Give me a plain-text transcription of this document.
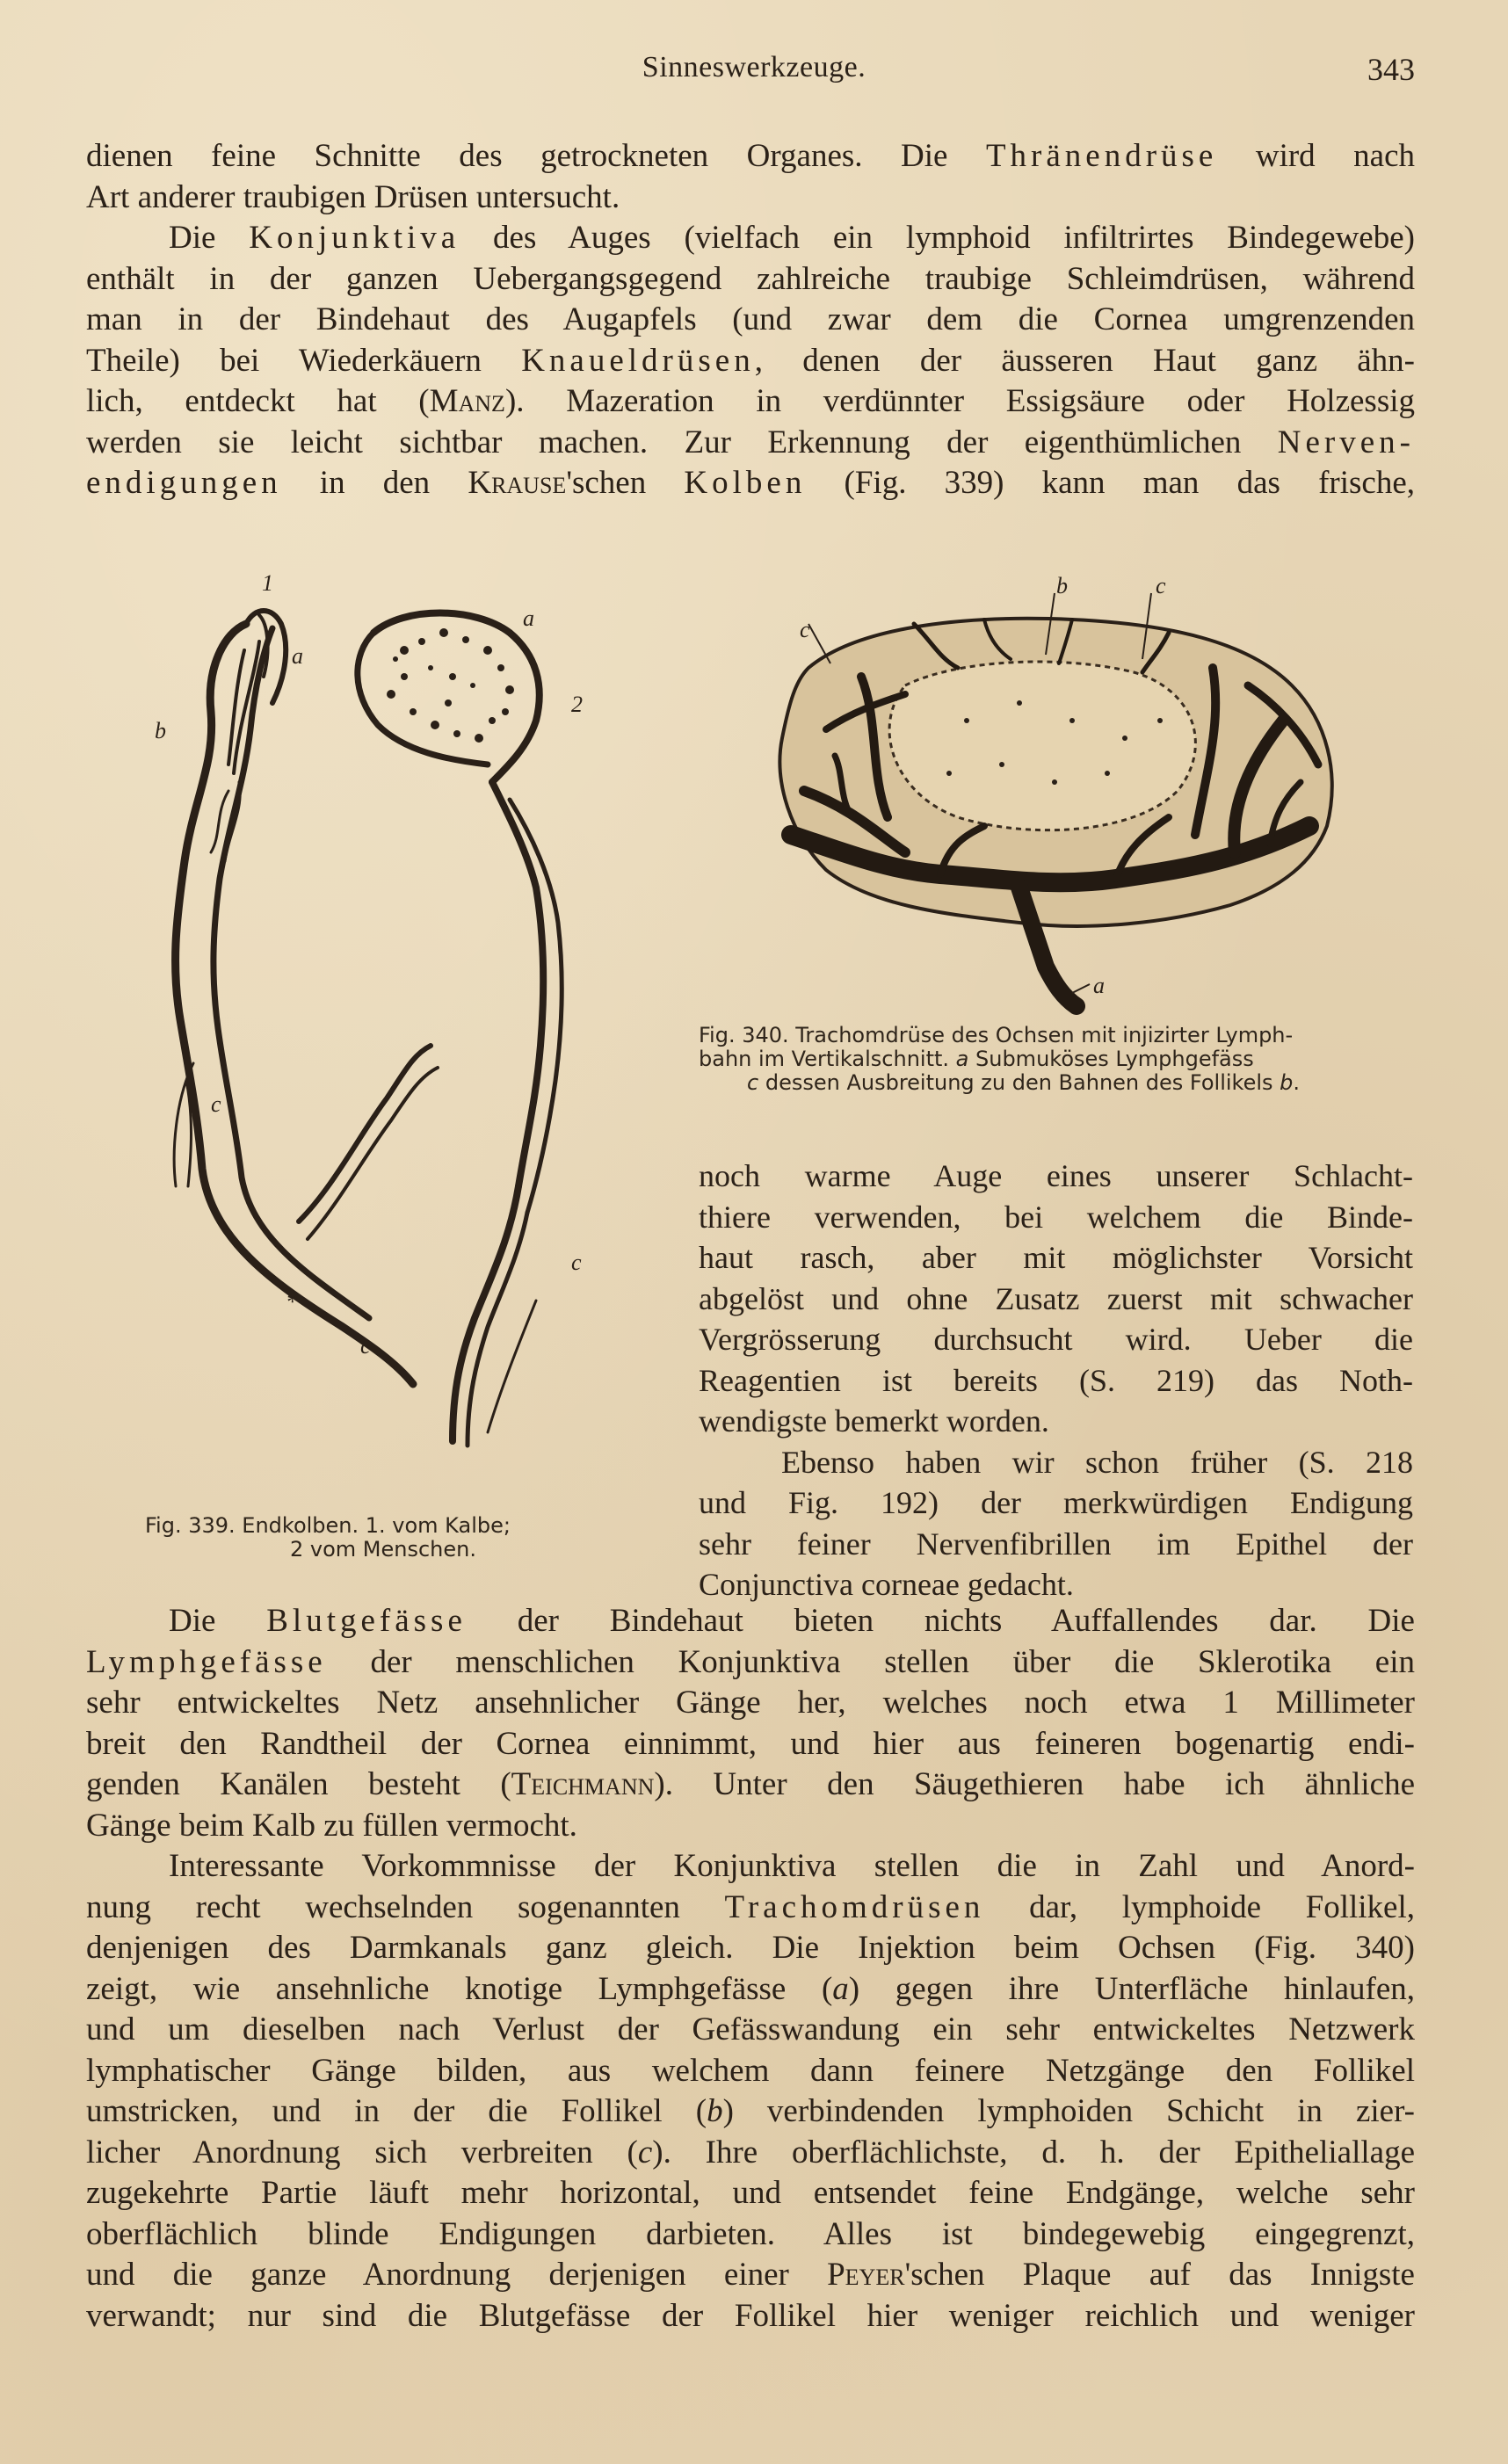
Sinneswerkzeuge.	343

dienen feine Schnitte des getrockneten Organes. Die Thränendrüse wird nach
Art anderer traubigen Drüsen untersucht.

Die Konjunktiva des Auges (vielfach ein lymphoid infiltrirtes Bindegewebe)
enthält in der ganzen Uebergangsgegend zahlreiche traubige Schleimdrüsen, während
man in der Bindehaut des Augapfels (und zwar dem die Cornea umgrenzenden
Theile) bei Wiederkäuern Knaueldrüsen, denen der äusseren Haut ganz ähn-
lich, entdeckt hat (Manz). Mazeration in verdünnter Essigsäure oder Holzessig
werden sie leicht sichtbar machen. Zur Erkennung der eigenthümlichen Nerven-
endigungen in den Krause'schen Kolben (Fig. 339) kann man das frische,

1
a
b
a
2
c
c
c
*

Fig. 339. Endkolben. 1. vom Kalbe;
2 vom Menschen.

b	c
c
a

Fig. 340. Trachomdrüse des Ochsen mit injizirter Lymph-
bahn im Vertikalschnitt. a Submuköses Lymphgefäss
c dessen Ausbreitung zu den Bahnen des Follikels b.

noch warme Auge eines unserer Schlacht-
thiere verwenden, bei welchem die Binde-
haut rasch, aber mit möglichster Vorsicht
abgelöst und ohne Zusatz zuerst mit schwacher
Vergrösserung durchsucht wird. Ueber die
Reagentien ist bereits (S. 219) das Noth-
wendigste bemerkt worden.
Ebenso haben wir schon früher (S. 218
und Fig. 192) der merkwürdigen Endigung
sehr feiner Nervenfibrillen im Epithel der
Conjunctiva corneae gedacht.

Die Blutgefässe der Bindehaut bieten nichts Auffallendes dar. Die
Lymphgefässe der menschlichen Konjunktiva stellen über die Sklerotika ein
sehr entwickeltes Netz ansehnlicher Gänge her, welches noch etwa 1 Millimeter
breit den Randtheil der Cornea einnimmt, und hier aus feineren bogenartig endi-
genden Kanälen besteht (Teichmann). Unter den Säugethieren habe ich ähnliche
Gänge beim Kalb zu füllen vermocht.

Interessante Vorkommnisse der Konjunktiva stellen die in Zahl und Anord-
nung recht wechselnden sogenannten Trachomdrüsen dar, lymphoide Follikel,
denjenigen des Darmkanals ganz gleich. Die Injektion beim Ochsen (Fig. 340)
zeigt, wie ansehnliche knotige Lymphgefässe (a) gegen ihre Unterfläche hinlaufen,
und um dieselben nach Verlust der Gefässwandung ein sehr entwickeltes Netzwerk
lymphatischer Gänge bilden, aus welchem dann feinere Netzgänge den Follikel
umstricken, und in der die Follikel (b) verbindenden lymphoiden Schicht in zier-
licher Anordnung sich verbreiten (c). Ihre oberflächlichste, d. h. der Epitheliallage
zugekehrte Partie läuft mehr horizontal, und entsendet feine Endgänge, welche sehr
oberflächlich blinde Endigungen darbieten. Alles ist bindegewebig eingegrenzt,
und die ganze Anordnung derjenigen einer Peyer'schen Plaque auf das Innigste
verwandt; nur sind die Blutgefässe der Follikel hier weniger reichlich und weniger
